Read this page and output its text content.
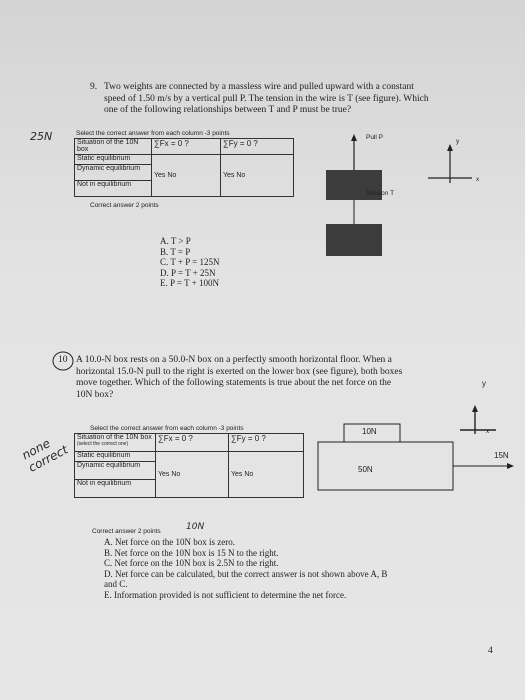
9. Two weights are connected by a massless wire and pulled upward with a constant
speed of 1.50 m/s by a vertical pull P. The tension in the wire is T (see figure). Which
one of the following relationships between T and P must be true?
25N	Select the correct answer from each column -3 points
Situation of the 10N box	∑Fx = 0 ?	∑Fy = 0 ?
Static equilibrium	Yes No	Yes No
Dynamic equilibrium		
Not in equilibrium		
Correct answer 2 points
A. T > P
B. T = P
C. T + P = 125N
D. P = T + 25N
E. P = T + 100N
Pull P
Tension T
y
x
10 A 10.0-N box rests on a 50.0-N box on a perfectly smooth horizontal floor. When a
horizontal 15.0-N pull to the right is exerted on the lower box (see figure), both boxes
move together. Which of the following statements is true about the net force on the
10N box?
none correct
Select the correct answer from each column -3 points
Situation of the 10N box
(select the correct one)	∑Fx = 0 ?	∑Fy = 0 ?
Static equilibrium	Yes No	Yes No
Dynamic equilibrium		
Not in equilibrium		
10N
50N
15N
y
x
Correct answer 2 points	10N
A. Net force on the 10N box is zero.
B. Net force on the 10N box is 15 N to the right.
C. Net force on the 10N box is 2.5N to the right.
D. Net force can be calculated, but the correct answer is not shown above A, B
and C.
E. Information provided is not sufficient to determine the net force.
4
